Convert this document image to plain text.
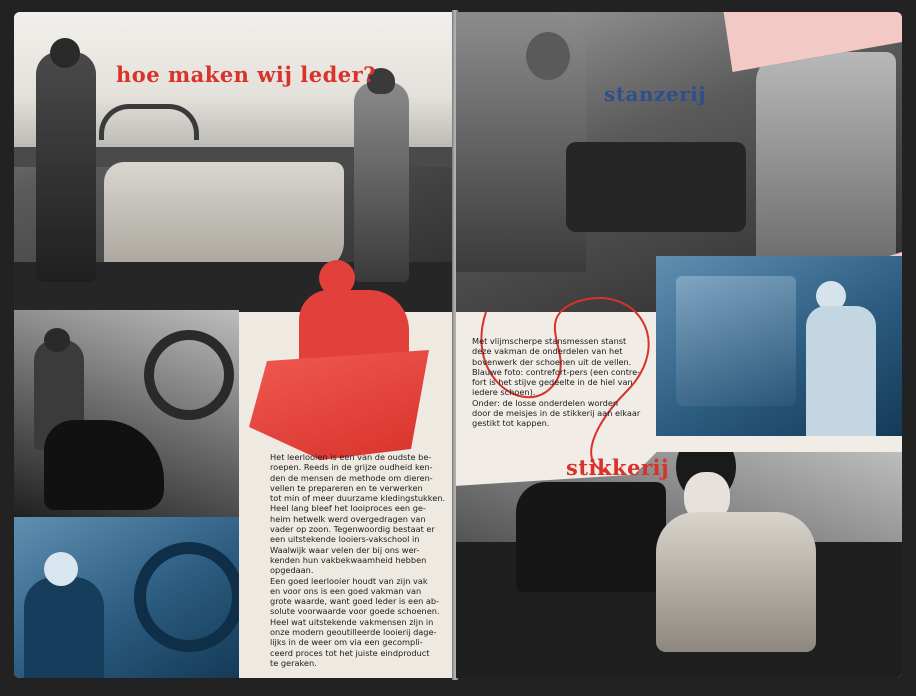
hoe maken wij leder?
Het leerlooien is een van de oudste be-
roepen. Reeds in de grijze oudheid ken-
den de mensen de methode om dieren-
vellen te prepareren en te verwerken
tot min of meer duurzame kledingstukken.
Heel lang bleef het looiproces een ge-
heim hetwelk werd overgedragen van
vader op zoon. Tegenwoordig bestaat er
een uitstekende looiers-vakschool in
Waalwijk waar velen der bij ons wer-
kenden hun vakbekwaamheid hebben
opgedaan.
Een goed leerlooier houdt van zijn vak
en voor ons is een goed vakman van
grote waarde, want goed leder is een ab-
solute voorwaarde voor goede schoenen.
Heel wat uitstekende vakmensen zijn in
onze modern geoutilleerde looierij dage-
lijks in de weer om via een gecompli-
ceerd proces tot het juiste eindproduct
te geraken.
stanzerij
Met vlijmscherpe stansmessen stanst
deze vakman de onderdelen van het
bovenwerk der schoenen uit de vellen.
Blauwe foto: contrefort-pers (een contre-
fort is het stijve gedeelte in de hiel van
iedere schoen).
Onder: de losse onderdelen worden
door de meisjes in de stikkerij aan elkaar
gestikt tot kappen.
stikkerij
